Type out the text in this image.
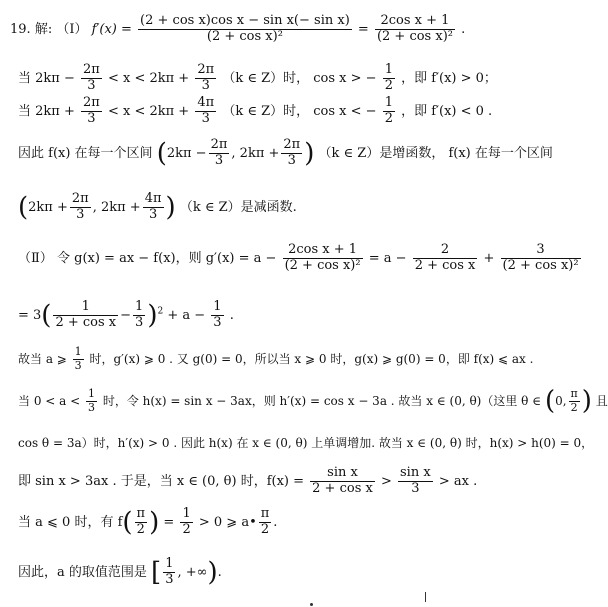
19. 解: （Ⅰ） $f'(x) = \frac{\text{(2 + cos x)cos x − sin x(− sin x)}}{\text{(2 + cos x)²}} = \frac{\text{2cos x + 1}}{\text{(2 + cos x)²}}$ .
当 $2k\pi - \frac{2\pi}{3} < x < 2k\pi + \frac{2\pi}{3} (k$ ∈ Z）时， cos x > − $\frac{1}{2}$ ，即 f′(x) > 0；
当 $2k\pi + \frac{2\pi}{3} < x < 2k\pi + \frac{4\pi}{3} (k$ ∈ Z）时， cos x < − $\frac{1}{2}$ ，即 f′(x) < 0 .
因此 f(x) 在每一个区间 ($2k\pi - \frac{2\pi}{3}$ , $2k\pi + \frac{2\pi}{3}$ ) （k ∈ Z）是增函数， f(x) 在每一个区间
($2k\pi + \frac{2\pi}{3}$ , $2k\pi + \frac{4\pi}{3}$ ) （k ∈ Z）是减函数.
（Ⅱ） 令 g(x) = ax − f(x)，则 $g'(x) = a - \frac{\text{2cos x + 1}}{\text{(2 + cos x)²}} = a - \frac{2}{\text{2 + cos x}} + \frac{3}{\text{(2 + cos x)²}}$
= $3( \frac{1}{\text{2 + cos x}} - \frac{1}{3} )^2 + a - \frac{1}{3}$ .
故当 a ⩾ $\frac{1}{3}$ 时，g′(x) ⩾ 0 . 又 g(0) = 0，所以当 x ⩾ 0 时，g(x) ⩾ g(0) = 0，即 f(x) ⩽ ax .
当 $0 < a < \frac{1}{3}$ 时，令 h(x) = sin x − 3ax，则 h′(x) = cos x − 3a . 故当 x ∈ (0, θ)（这里 θ ∈ (0, $\frac{\pi}{2}$ ) 且
cos θ = 3a）时，h′(x) > 0 . 因此 h(x) 在 x ∈ (0, θ) 上单调增加. 故当 x ∈ (0, θ) 时，h(x) > h(0) = 0，
即 sin x > 3ax . 于是，当 x ∈ (0, θ) 时，$f(x) = \frac{\text{sin x}}{\text{2 + cos x}} > \frac{\text{sin x}}{3}$ > ax .
当 a ⩽ 0 时，有 $f( \frac{\pi}{2}$ ) = $\frac{1}{2} > 0$ ⩾ a• $\frac{\pi}{2}$ .
因此，a 的取值范围是 [ $\frac{1}{3}$ , +∞).
